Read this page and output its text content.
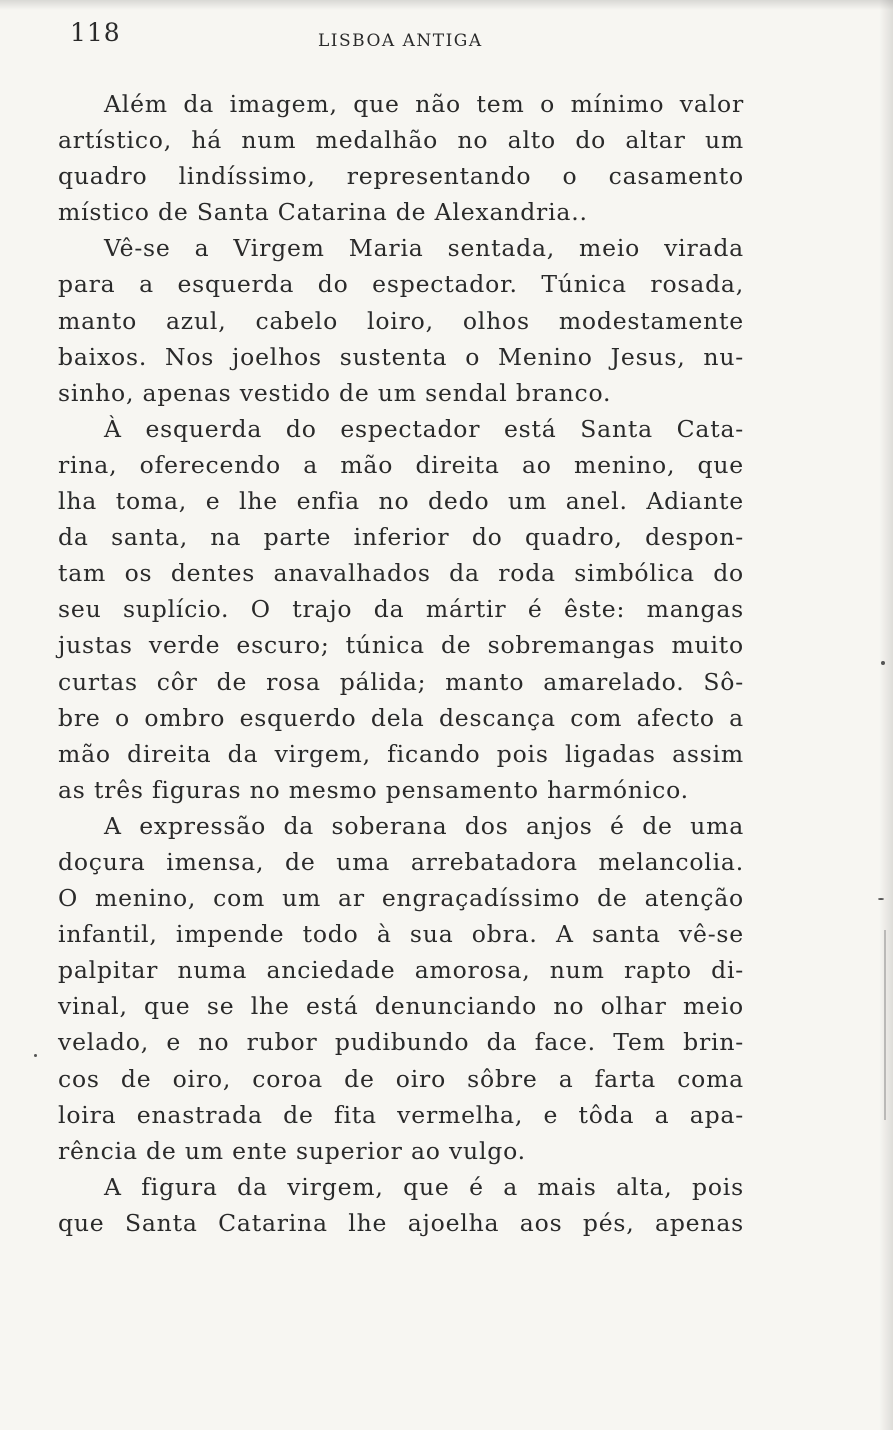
118	LISBOA ANTIGA
Além da imagem, que não tem o mínimo valor
artístico, há num medalhão no alto do altar um
quadro lindíssimo, representando o casamento
místico de Santa Catarina de Alexandria..
Vê-se a Virgem Maria sentada, meio virada
para a esquerda do espectador. Túnica rosada,
manto azul, cabelo loiro, olhos modestamente
baixos. Nos joelhos sustenta o Menino Jesus, nu-
sinho, apenas vestido de um sendal branco.
À esquerda do espectador está Santa Cata-
rina, oferecendo a mão direita ao menino, que
lha toma, e lhe enfia no dedo um anel. Adiante
da santa, na parte inferior do quadro, despon-
tam os dentes anavalhados da roda simbólica do
seu suplício. O trajo da mártir é êste: mangas
justas verde escuro; túnica de sobremangas muito
curtas côr de rosa pálida; manto amarelado. Sô-
bre o ombro esquerdo dela descança com afecto a
mão direita da virgem, ficando pois ligadas assim
as três figuras no mesmo pensamento harmónico.
A expressão da soberana dos anjos é de uma
doçura imensa, de uma arrebatadora melancolia.
O menino, com um ar engraçadíssimo de atenção
infantil, impende todo à sua obra. A santa vê-se
palpitar numa anciedade amorosa, num rapto di-
vinal, que se lhe está denunciando no olhar meio
velado, e no rubor pudibundo da face. Tem brin-
cos de oiro, coroa de oiro sôbre a farta coma
loira enastrada de fita vermelha, e tôda a apa-
rência de um ente superior ao vulgo.
A figura da virgem, que é a mais alta, pois
que Santa Catarina lhe ajoelha aos pés, apenas
